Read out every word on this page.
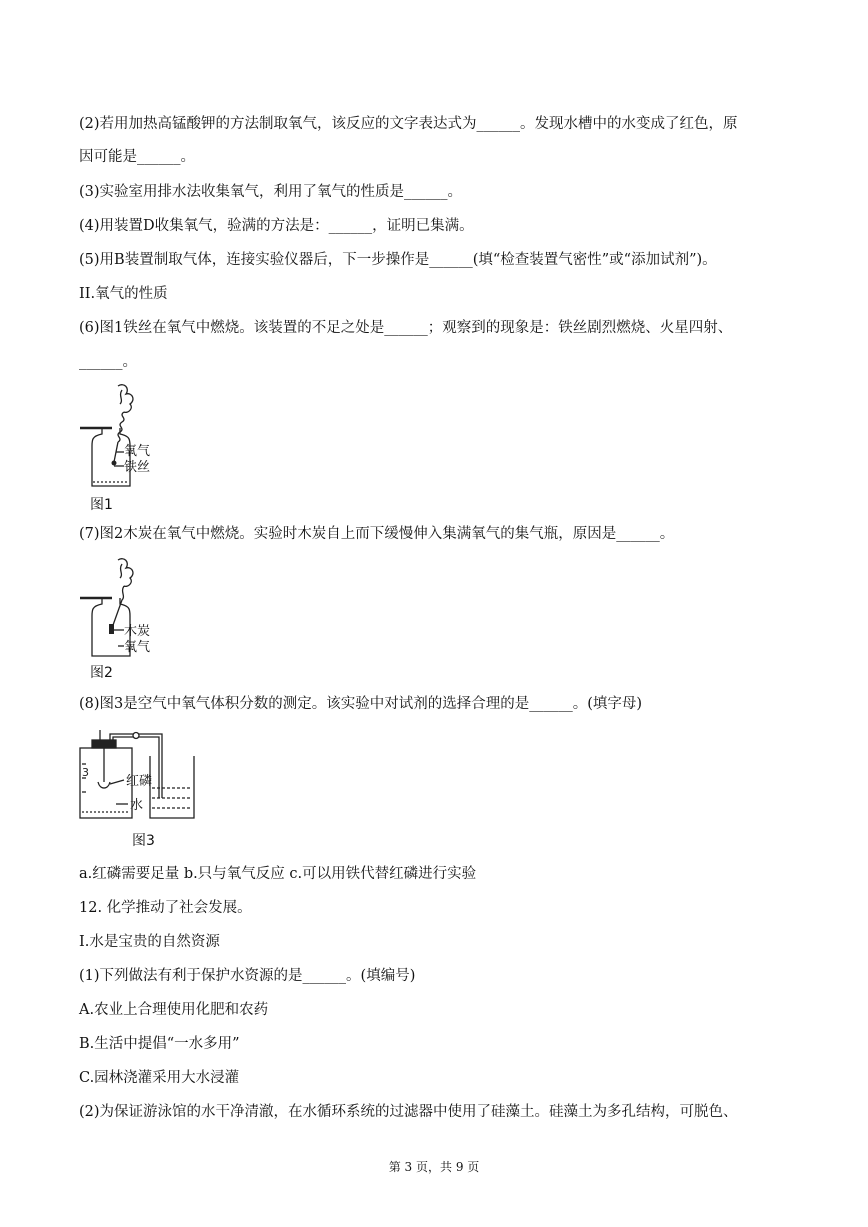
(2)若用加热高锰酸钾的方法制取氧气，该反应的文字表达式为______。发现水槽中的水变成了红色，原
因可能是______。
(3)实验室用排水法收集氧气，利用了氧气的性质是______。
(4)用装置D收集氧气，验满的方法是：______，证明已集满。
(5)用B装置制取气体，连接实验仪器后，下一步操作是______(填“检查装置气密性”或“添加试剂”)。
II.氧气的性质
(6)图1铁丝在氧气中燃烧。该装置的不足之处是______；观察到的现象是：铁丝剧烈燃烧、火星四射、
______。
氧气
铁丝
图1
(7)图2木炭在氧气中燃烧。实验时木炭自上而下缓慢伸入集满氧气的集气瓶，原因是______。
木炭
氧气
图2
(8)图3是空气中氧气体积分数的测定。该实验中对试剂的选择合理的是______。(填字母)
3
红磷
水
图3
a.红磷需要足量 b.只与氧气反应 c.可以用铁代替红磷进行实验
12. 化学推动了社会发展。
I.水是宝贵的自然资源
(1)下列做法有利于保护水资源的是______。(填编号)
A.农业上合理使用化肥和农药
B.生活中提倡“一水多用”
C.园林浇灌采用大水浸灌
(2)为保证游泳馆的水干净清澈，在水循环系统的过滤器中使用了硅藻土。硅藻土为多孔结构，可脱色、
第 3 页，共 9 页
